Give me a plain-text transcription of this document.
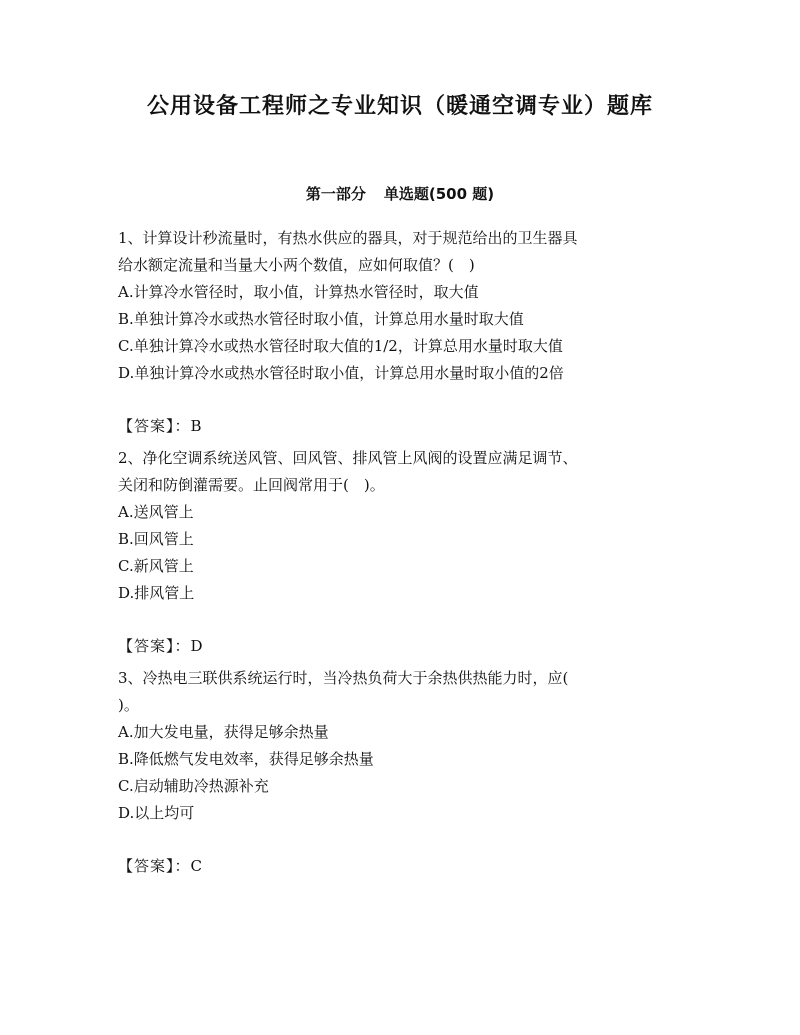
公用设备工程师之专业知识（暖通空调专业）题库
第一部分 单选题(500 题)
1、计算设计秒流量时，有热水供应的器具，对于规范给出的卫生器具
给水额定流量和当量大小两个数值，应如何取值？(　)
A.计算冷水管径时，取小值，计算热水管径时，取大值
B.单独计算冷水或热水管径时取小值，计算总用水量时取大值
C.单独计算冷水或热水管径时取大值的1/2，计算总用水量时取大值
D.单独计算冷水或热水管径时取小值，计算总用水量时取小值的2倍
【答案】：B
2、净化空调系统送风管、回风管、排风管上风阀的设置应满足调节、
关闭和防倒灌需要。止回阀常用于(　)。
A.送风管上
B.回风管上
C.新风管上
D.排风管上
【答案】：D
3、冷热电三联供系统运行时，当冷热负荷大于余热供热能力时，应(
)。
A.加大发电量，获得足够余热量
B.降低燃气发电效率，获得足够余热量
C.启动辅助冷热源补充
D.以上均可
【答案】：C
